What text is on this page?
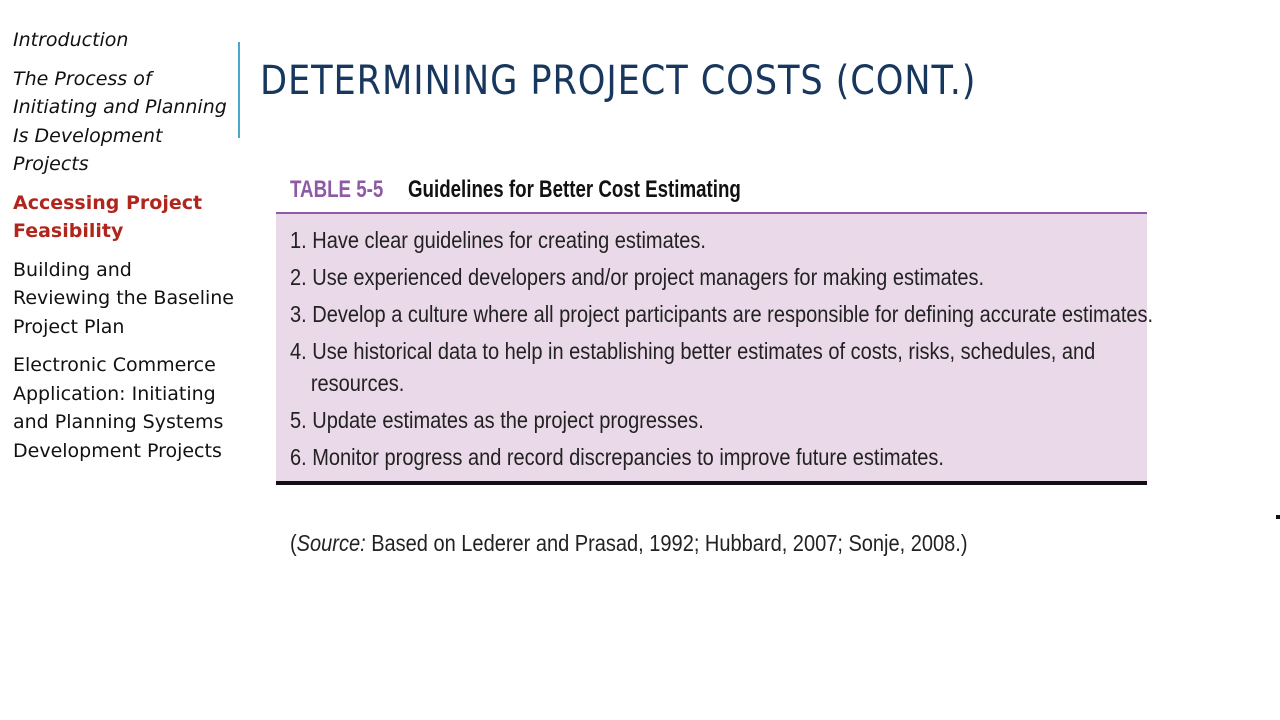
Introduction
The Process of Initiating and Planning Is Development Projects
Accessing Project Feasibility
Building and Reviewing the Baseline Project Plan
Electronic Commerce Application: Initiating and Planning Systems Development Projects
DETERMINING PROJECT COSTS (CONT.)
TABLE 5-5 Guidelines for Better Cost Estimating
1. Have clear guidelines for creating estimates.
2. Use experienced developers and/or project managers for making estimates.
3. Develop a culture where all project participants are responsible for defining accurate estimates.
4. Use historical data to help in establishing better estimates of costs, risks, schedules, and resources.
5. Update estimates as the project progresses.
6. Monitor progress and record discrepancies to improve future estimates.
(Source: Based on Lederer and Prasad, 1992; Hubbard, 2007; Sonje, 2008.)
